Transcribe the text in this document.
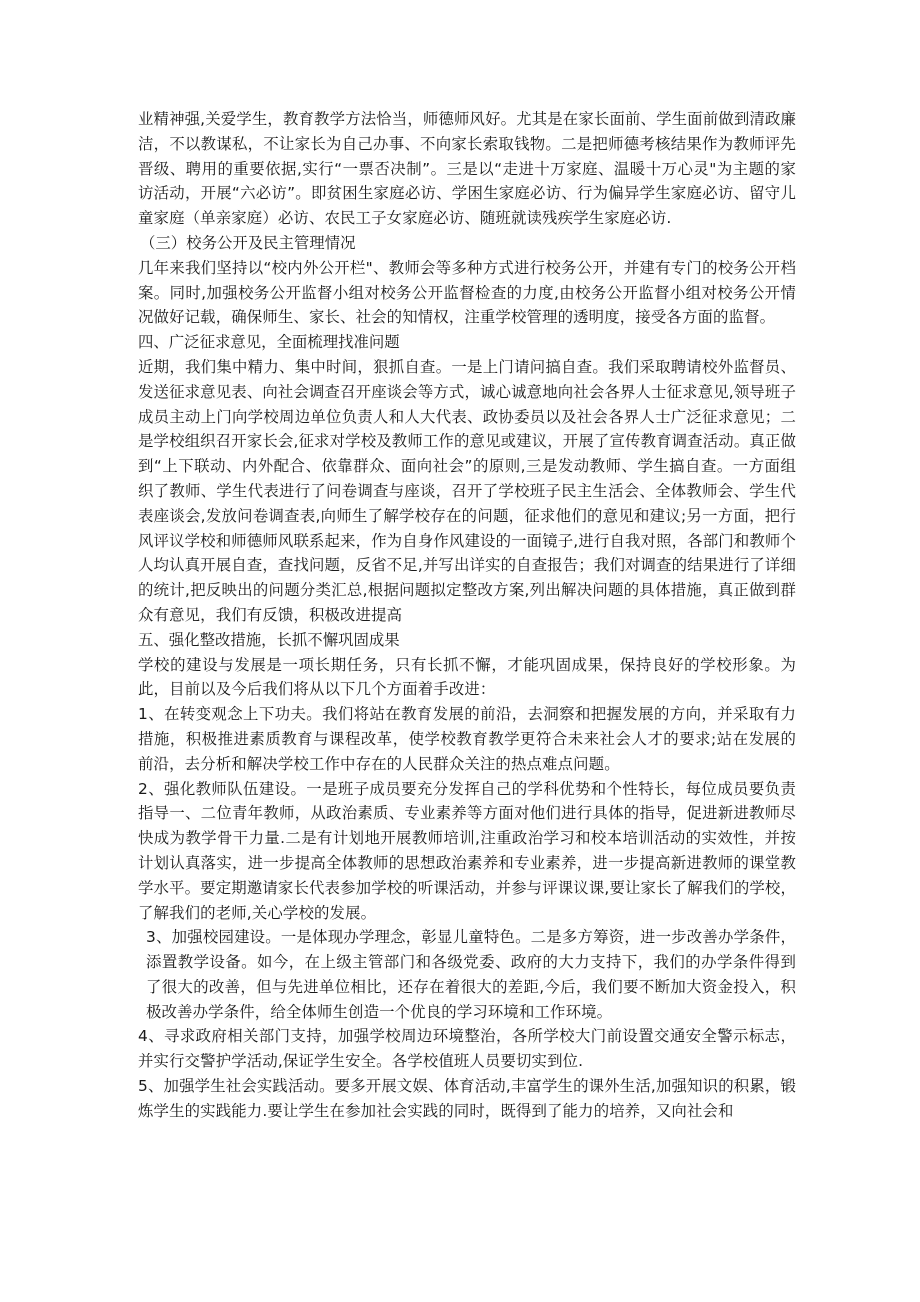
业精神强,关爱学生，教育教学方法恰当，师德师风好。尤其是在家长面前、学生面前做到清政廉洁，不以教谋私，不让家长为自己办事、不向家长索取钱物。二是把师德考核结果作为教师评先晋级、聘用的重要依据,实行“一票否决制”。三是以“走进十万家庭、温暖十万心灵"为主题的家访活动，开展“六必访”。即贫困生家庭必访、学困生家庭必访、行为偏异学生家庭必访、留守儿童家庭（单亲家庭）必访、农民工子女家庭必访、随班就读残疾学生家庭必访.

（三）校务公开及民主管理情况

几年来我们坚持以“校内外公开栏"、教师会等多种方式进行校务公开，并建有专门的校务公开档案。同时,加强校务公开监督小组对校务公开监督检查的力度,由校务公开监督小组对校务公开情况做好记载，确保师生、家长、社会的知情权，注重学校管理的透明度，接受各方面的监督。

四、广泛征求意见，全面梳理找准问题

近期，我们集中精力、集中时间，狠抓自查。一是上门请问搞自查。我们采取聘请校外监督员、发送征求意见表、向社会调查召开座谈会等方式，诚心诚意地向社会各界人士征求意见,领导班子成员主动上门向学校周边单位负责人和人大代表、政协委员以及社会各界人士广泛征求意见；二是学校组织召开家长会,征求对学校及教师工作的意见或建议，开展了宣传教育调查活动。真正做到“上下联动、内外配合、依靠群众、面向社会”的原则,三是发动教师、学生搞自查。一方面组织了教师、学生代表进行了问卷调查与座谈，召开了学校班子民主生活会、全体教师会、学生代表座谈会,发放问卷调查表,向师生了解学校存在的问题，征求他们的意见和建议;另一方面，把行风评议学校和师德师风联系起来，作为自身作风建设的一面镜子,进行自我对照，各部门和教师个人均认真开展自查，查找问题，反省不足,并写出详实的自查报告；我们对调查的结果进行了详细的统计,把反映出的问题分类汇总,根据问题拟定整改方案,列出解决问题的具体措施，真正做到群众有意见，我们有反馈，积极改进提高

五、强化整改措施，长抓不懈巩固成果

学校的建设与发展是一项长期任务，只有长抓不懈，才能巩固成果，保持良好的学校形象。为此，目前以及今后我们将从以下几个方面着手改进：

1、在转变观念上下功夫。我们将站在教育发展的前沿，去洞察和把握发展的方向，并采取有力措施，积极推进素质教育与课程改革，使学校教育教学更符合未来社会人才的要求;站在发展的前沿，去分析和解决学校工作中存在的人民群众关注的热点难点问题。

2、强化教师队伍建设。一是班子成员要充分发挥自己的学科优势和个性特长，每位成员要负责指导一、二位青年教师，从政治素质、专业素养等方面对他们进行具体的指导，促进新进教师尽快成为教学骨干力量.二是有计划地开展教师培训,注重政治学习和校本培训活动的实效性，并按计划认真落实，进一步提高全体教师的思想政治素养和专业素养，进一步提高新进教师的课堂教学水平。要定期邀请家长代表参加学校的听课活动，并参与评课议课,要让家长了解我们的学校，了解我们的老师,关心学校的发展。

3、加强校园建设。一是体现办学理念，彰显儿童特色。二是多方筹资，进一步改善办学条件，添置教学设备。如今，在上级主管部门和各级党委、政府的大力支持下，我们的办学条件得到了很大的改善，但与先进单位相比，还存在着很大的差距,今后，我们要不断加大资金投入，积极改善办学条件，给全体师生创造一个优良的学习环境和工作环境。

4、寻求政府相关部门支持，加强学校周边环境整治，各所学校大门前设置交通安全警示标志，并实行交警护学活动,保证学生安全。各学校值班人员要切实到位.

5、加强学生社会实践活动。要多开展文娱、体育活动,丰富学生的课外生活,加强知识的积累，锻炼学生的实践能力.要让学生在参加社会实践的同时，既得到了能力的培养，又向社会和
